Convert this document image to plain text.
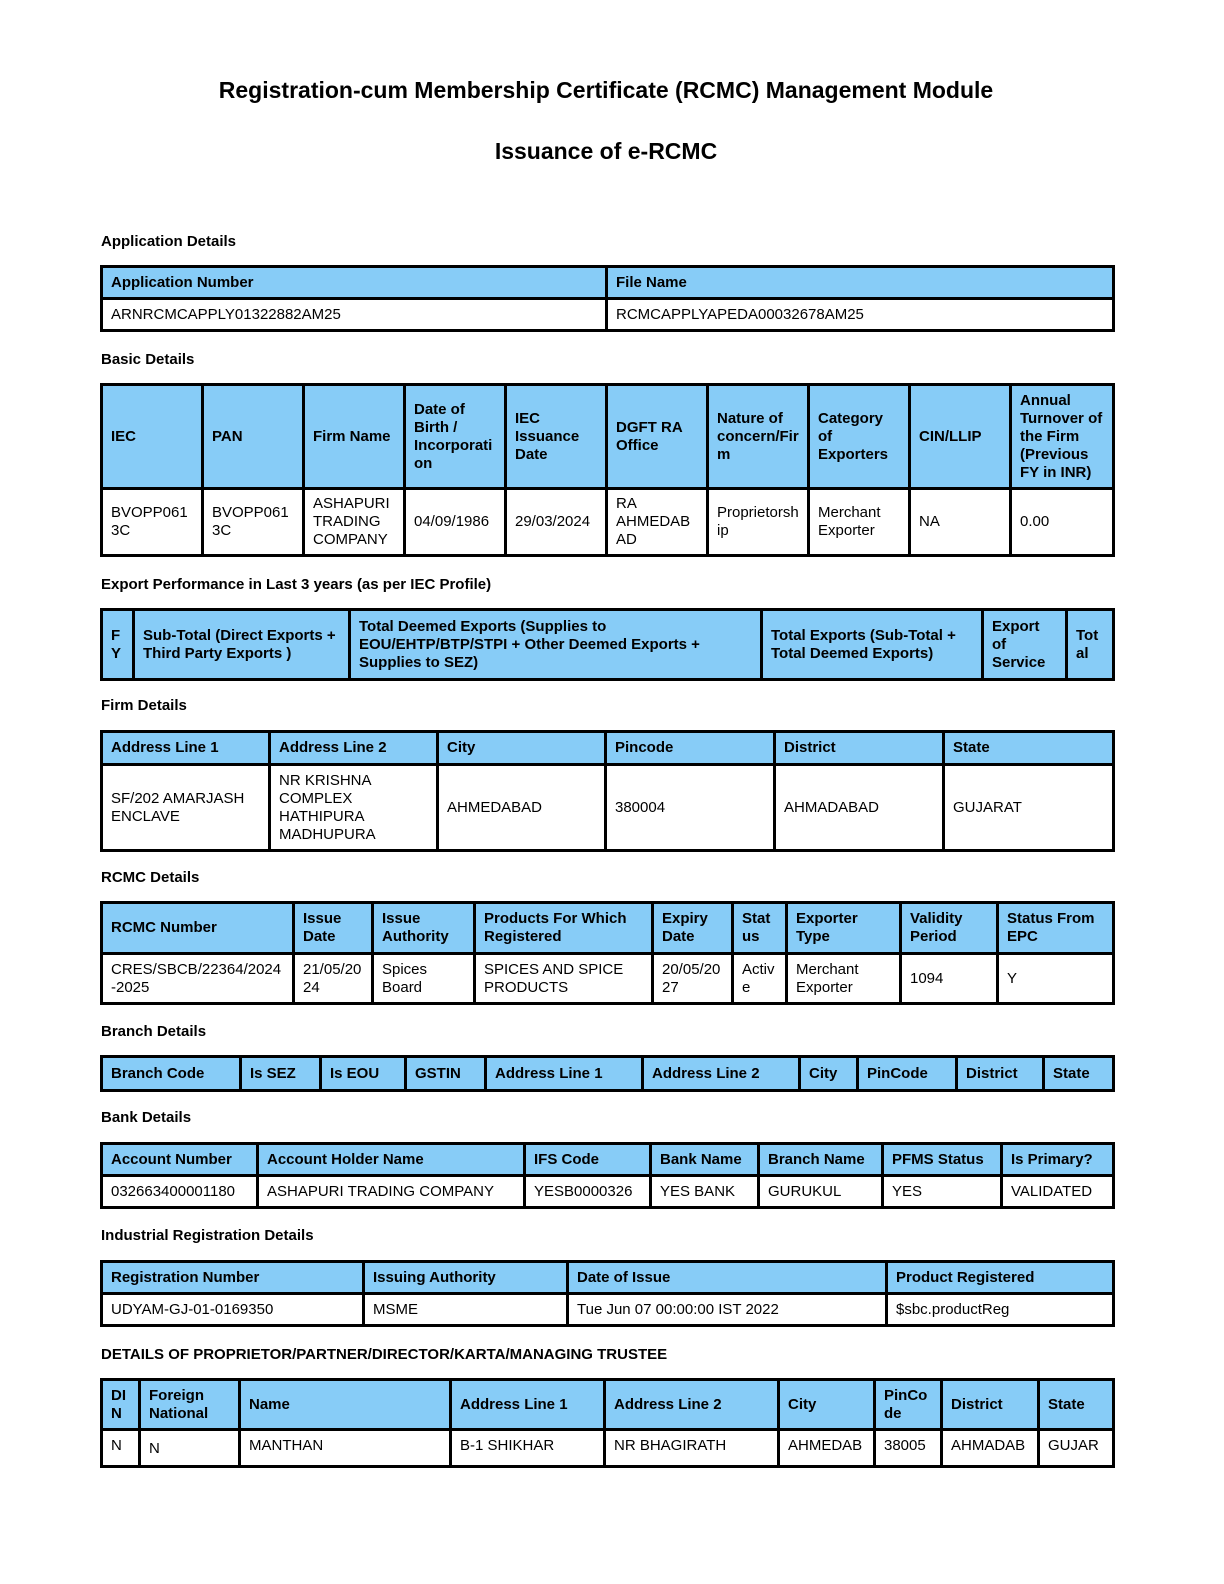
Registration-cum Membership Certificate (RCMC) Management Module
Issuance of e-RCMC
Application Details
Application Number	File Name
ARNRCMCAPPLY01322882AM25	RCMCAPPLYAPEDA00032678AM25
Basic Details
IEC	PAN	Firm Name	Date of Birth / Incorporati on	IEC Issuance Date	DGFT RA Office	Nature of concern/Fir m	Category of Exporters	CIN/LLIP	Annual Turnover of the Firm (Previous FY in INR)
BVOPP061 3C	BVOPP061 3C	ASHAPURI TRADING COMPANY	04/09/1986	29/03/2024	RA AHMEDAB AD	Proprietorsh ip	Merchant Exporter	NA	0.00
Export Performance in Last 3 years (as per IEC Profile)
F Y	Sub-Total (Direct Exports + Third Party Exports )	Total Deemed Exports (Supplies to EOU/EHTP/BTP/STPI + Other Deemed Exports + Supplies to SEZ)	Total Exports (Sub-Total + Total Deemed Exports)	Export of Service	Tot al
Firm Details
Address Line 1	Address Line 2	City	Pincode	District	State
SF/202 AMARJASH ENCLAVE	NR KRISHNA COMPLEX HATHIPURA MADHUPURA	AHMEDABAD	380004	AHMADABAD	GUJARAT
RCMC Details
RCMC Number	Issue Date	Issue Authority	Products For Which Registered	Expiry Date	Stat us	Exporter Type	Validity Period	Status From EPC
CRES/SBCB/22364/2024-2025	21/05/20 24	Spices Board	SPICES AND SPICE PRODUCTS	20/05/20 27	Activ e	Merchant Exporter	1094	Y
Branch Details
Branch Code	Is SEZ	Is EOU	GSTIN	Address Line 1	Address Line 2	City	PinCode	District	State
Bank Details
Account Number	Account Holder Name	IFS Code	Bank Name	Branch Name	PFMS Status	Is Primary?
032663400001180	ASHAPURI TRADING COMPANY	YESB0000326	YES BANK	GURUKUL	YES	VALIDATED
Industrial Registration Details
Registration Number	Issuing Authority	Date of Issue	Product Registered
UDYAM-GJ-01-0169350	MSME	Tue Jun 07 00:00:00 IST 2022	$sbc.productReg
DETAILS OF PROPRIETOR/PARTNER/DIRECTOR/KARTA/MANAGING TRUSTEE
DI N	Foreign National	Name	Address Line 1	Address Line 2	City	PinCo de	District	State
N	N	MANTHAN	B-1 SHIKHAR	NR BHAGIRATH	AHMEDAB	38005	AHMADAB	GUJAR
